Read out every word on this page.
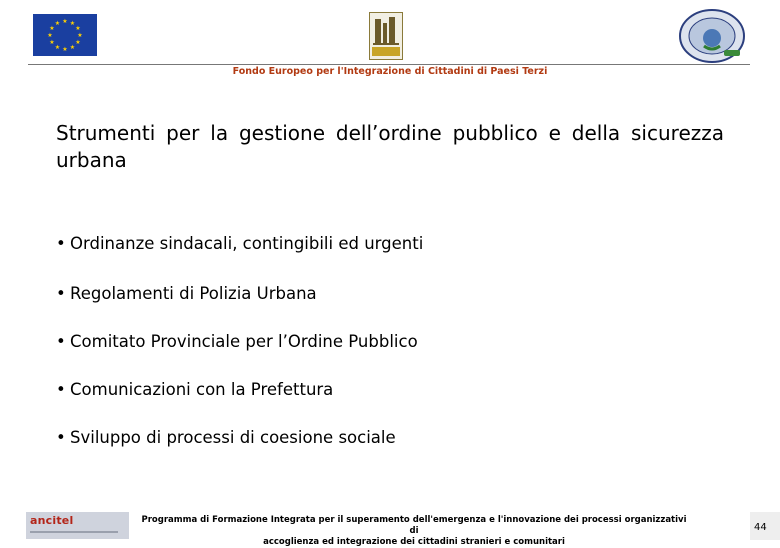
★ ★
★
★
★
★
★
★
★
★
★
★
Fondo Europeo per l'Integrazione di Cittadini di Paesi Terzi
Strumenti per la gestione dell’ordine pubblico e della sicurezza urbana
• Ordinanze sindacali, contingibili ed urgenti
• Regolamenti di Polizia Urbana
• Comitato Provinciale per l’Ordine Pubblico
• Comunicazioni con la Prefettura
• Sviluppo di processi di coesione sociale
ancitel	Programma di Formazione Integrata per il superamento dell'emergenza e l'innovazione dei processi organizzativi di
accoglienza ed integrazione dei cittadini stranieri e comunitari
44
